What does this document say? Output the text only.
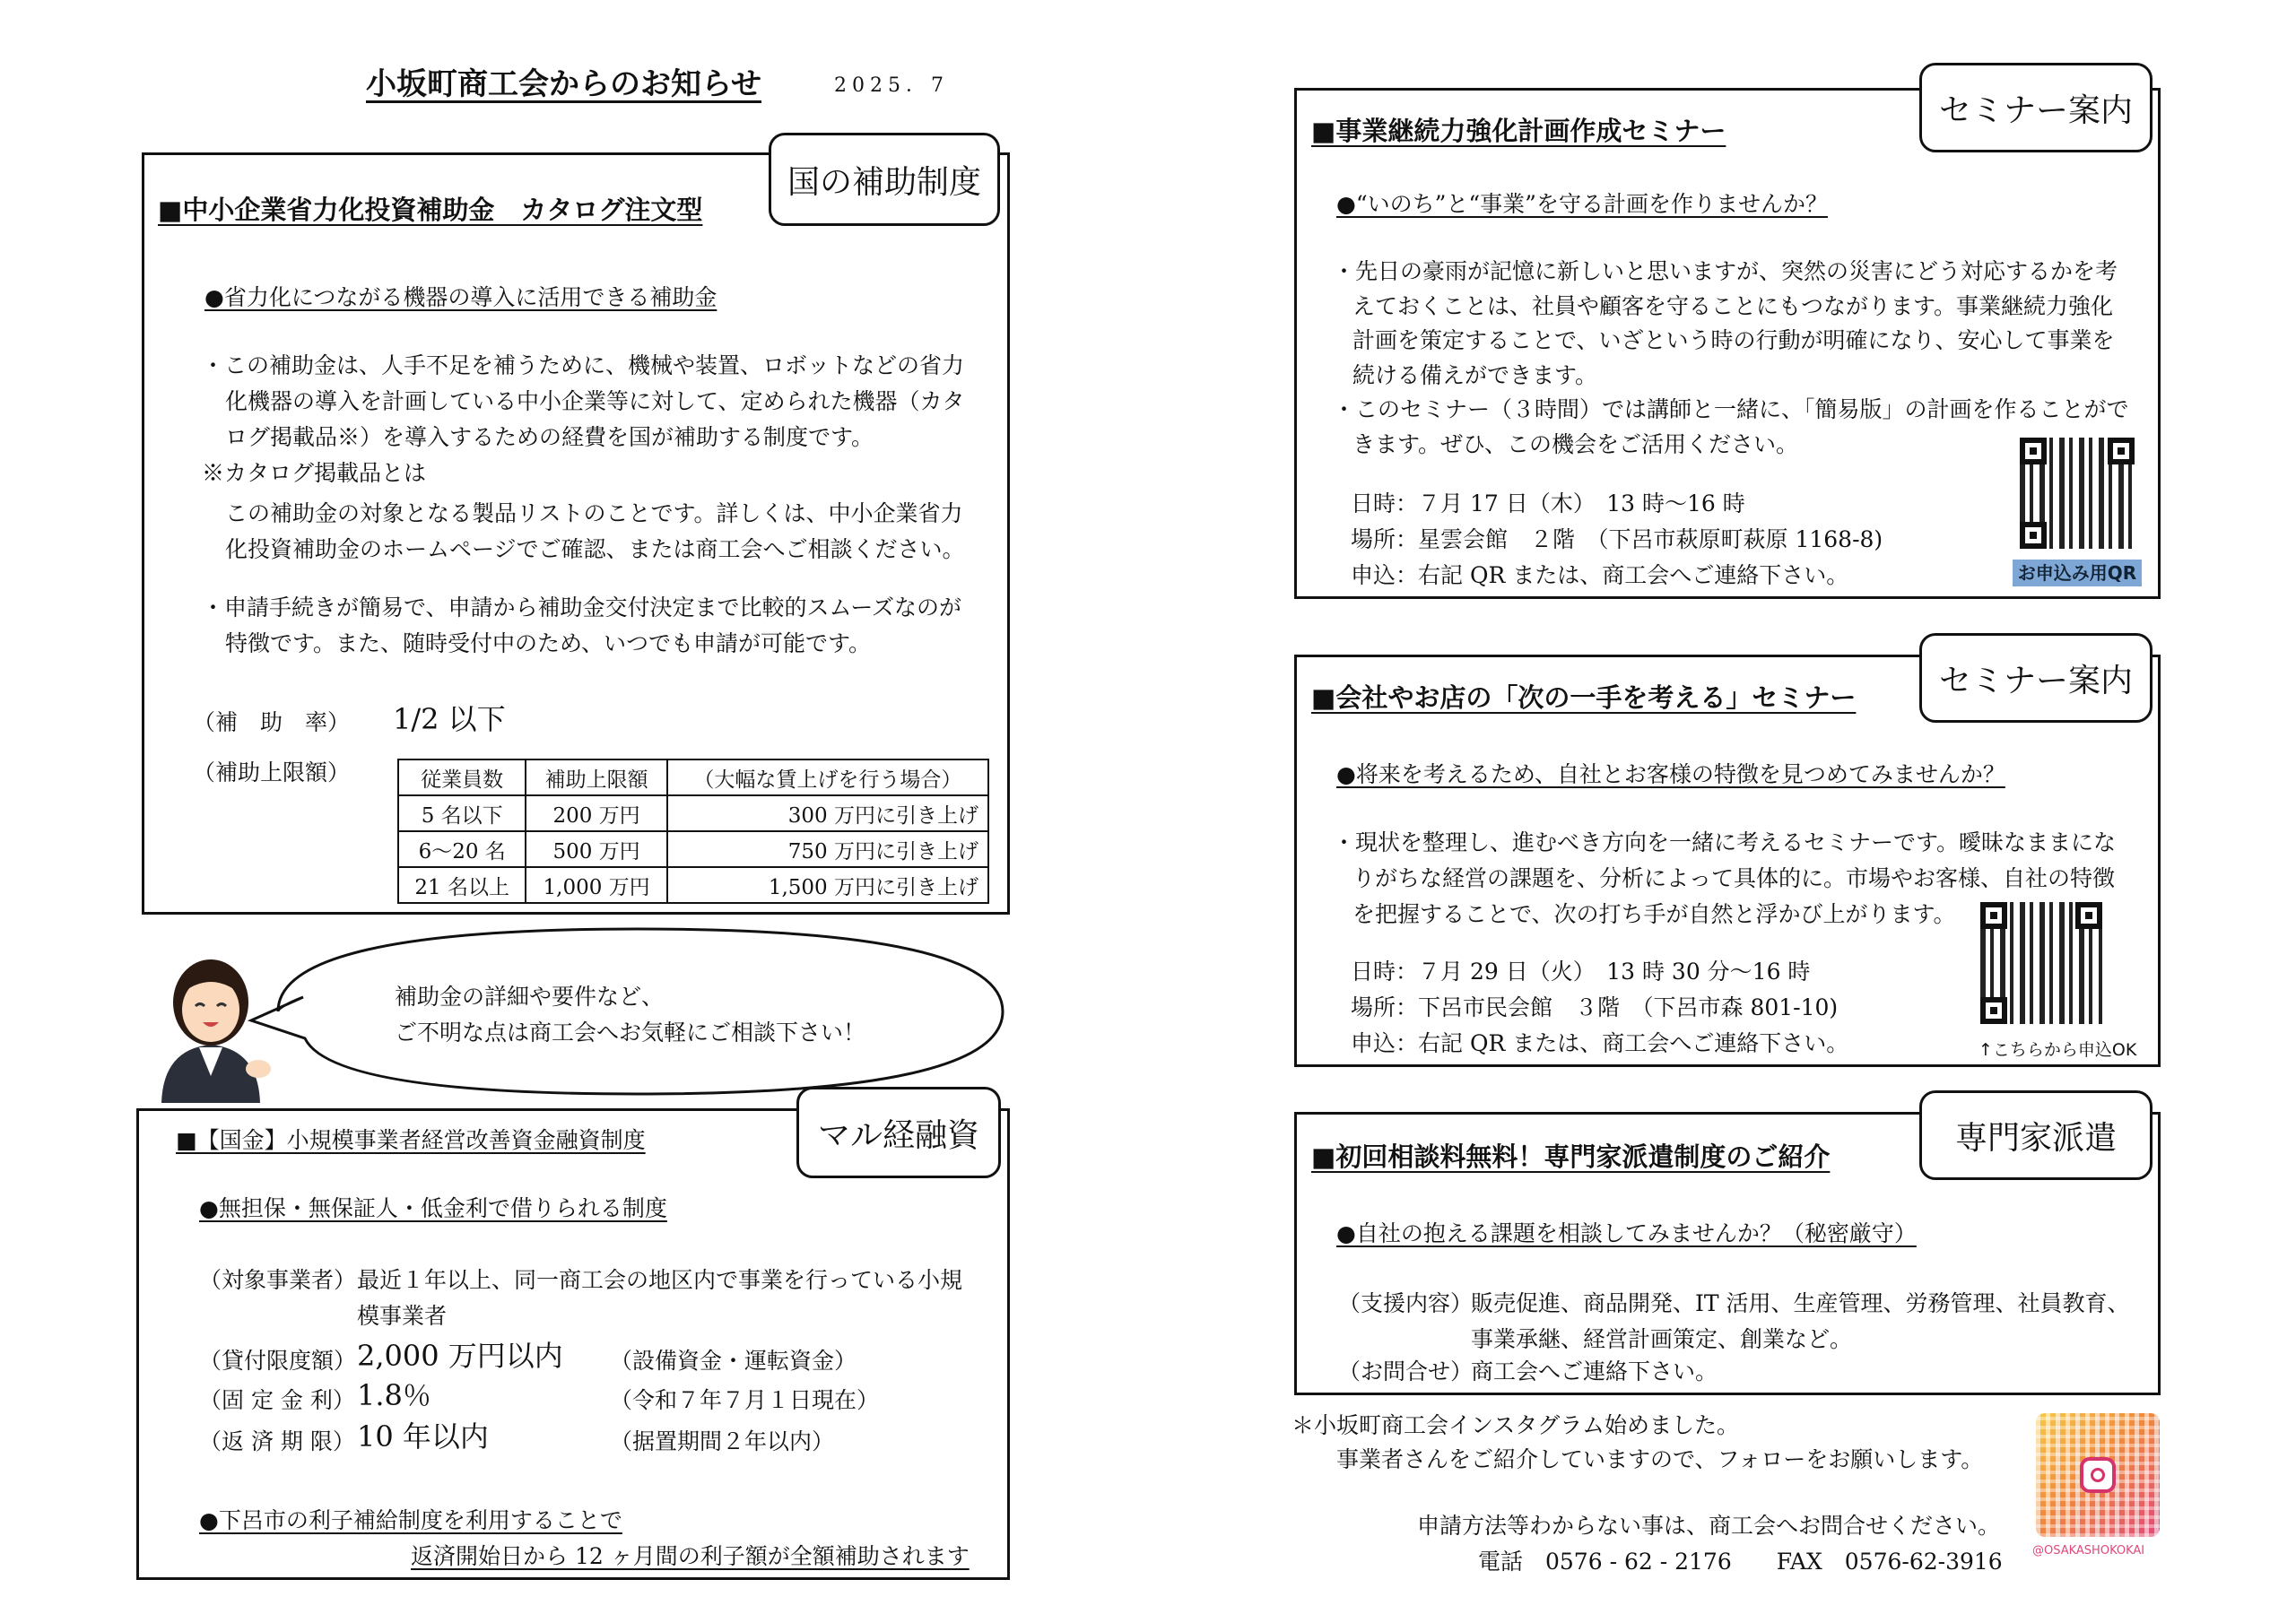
小坂町商工会からのお知らせ	2025．7
国の補助制度
■中小企業省力化投資補助金　カタログ注文型
●省力化につながる機器の導入に活用できる補助金
・この補助金は、人手不足を補うために、機械や装置、ロボットなどの省力
化機器の導入を計画している中小企業等に対して、定められた機器（カタ
ログ掲載品※）を導入するための経費を国が補助する制度です。
※カタログ掲載品とは
この補助金の対象となる製品リストのことです。詳しくは、中小企業省力
化投資補助金のホームページでご確認、または商工会へご相談ください。
・申請手続きが簡易で、申請から補助金交付決定まで比較的スムーズなのが
特徴です。また、随時受付中のため、いつでも申請が可能です。
（補　助　率） 1/2 以下
（補助上限額）	従業員数	補助上限額	（大幅な賃上げを行う場合）
5 名以下	200 万円	300 万円に引き上げ
6～20 名	500 万円	750 万円に引き上げ
21 名以上	1,000 万円	1,500 万円に引き上げ
補助金の詳細や要件など、
ご不明な点は商工会へお気軽にご相談下さい！
マル経融資
■【国金】小規模事業者経営改善資金融資制度
●無担保・無保証人・低金利で借りられる制度
（対象事業者） 最近１年以上、同一商工会の地区内で事業を行っている小規
模事業者
（貸付限度額） 2,000 万円以内 （設備資金・運転資金）
（固 定 金 利） 1.8％	（令和７年７月１日現在）
（返 済 期 限） 10 年以内	（据置期間２年以内）
●下呂市の利子補給制度を利用することで
返済開始日から 12 ヶ月間の利子額が全額補助されます
セミナー案内
■事業継続力強化計画作成セミナー
●“いのち”と“事業”を守る計画を作りませんか？
・先日の豪雨が記憶に新しいと思いますが、突然の災害にどう対応するかを考
えておくことは、社員や顧客を守ることにもつながります。事業継続力強化
計画を策定することで、いざという時の行動が明確になり、安心して事業を
続ける備えができます。
・このセミナー（３時間）では講師と一緒に、「簡易版」の計画を作ることがで
きます。ぜひ、この機会をご活用ください。
日時：７月 17 日（木）　13 時～16 時
場所：星雲会館　２階　（下呂市萩原町萩原 1168-8)
申込：右記 QR または、商工会へご連絡下さい。	お申込み用QR
セミナー案内
■会社やお店の「次の一手を考える」セミナー
●将来を考えるため、自社とお客様の特徴を見つめてみませんか？
・現状を整理し、進むべき方向を一緒に考えるセミナーです。曖昧なままにな
りがちな経営の課題を、分析によって具体的に。市場やお客様、自社の特徴
を把握することで、次の打ち手が自然と浮かび上がります。
日時：７月 29 日（火）　13 時 30 分～16 時
場所：下呂市民会館　３階　（下呂市森 801-10)
申込：右記 QR または、商工会へご連絡下さい。	↑こちらから申込OK
専門家派遣
■初回相談料無料！専門家派遣制度のご紹介
●自社の抱える課題を相談してみませんか？（秘密厳守）
（支援内容）
販売促進、商品開発、IT 活用、生産管理、労務管理、社員教育、
事業承継、経営計画策定、創業など。
（お問合せ）
商工会へご連絡下さい。
＊小坂町商工会インスタグラム始めました。
事業者さんをご紹介していますので、フォローをお願いします。
@OSAKASHOKOKAI
申請方法等わからない事は、商工会へお問合せください。
電話　0576 - 62 - 2176　　FAX　0576-62-3916
